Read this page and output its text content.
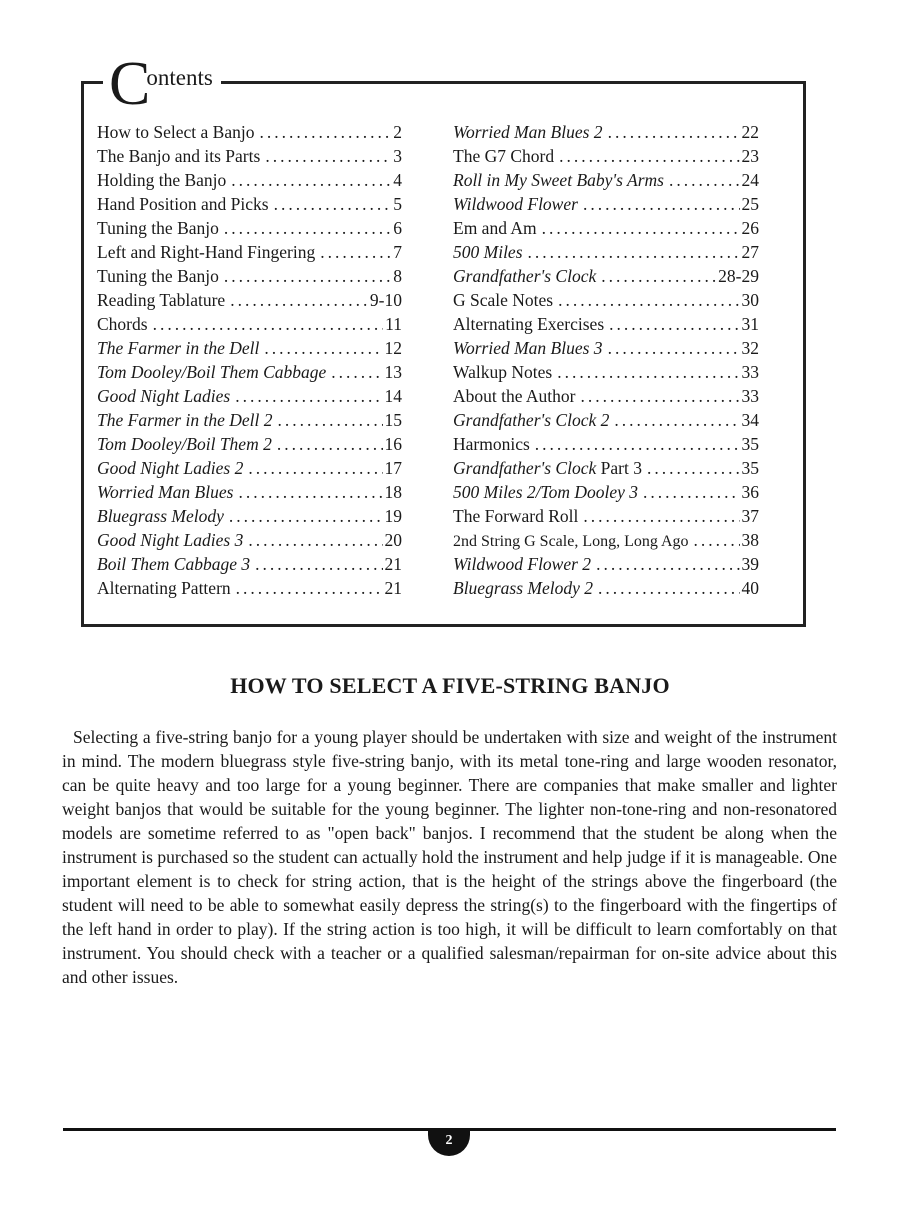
C
ontents
How to Select a Banjo .....	2
The Banjo and its Parts .....	3
Holding the Banjo .....	4
Hand Position and Picks .....	5
Tuning the Banjo .....	6
Left and Right-Hand Fingering .....	7
Tuning the Banjo .....	8
Reading Tablature .....	9-10
Chords .....	11
The Farmer in the Dell .....	12
Tom Dooley/Boil Them Cabbage .....	13
Good Night Ladies .....	14
The Farmer in the Dell 2 .....	15
Tom Dooley/Boil Them 2 .....	16
Good Night Ladies 2 .....	17
Worried Man Blues .....	18
Bluegrass Melody .....	19
Good Night Ladies 3 .....	20
Boil Them Cabbage 3 .....	21
Alternating Pattern .....	21
Worried Man Blues 2 .....	22
The G7 Chord .....	23
Roll in My Sweet Baby's Arms .....	24
Wildwood Flower .....	25
Em and Am .....	26
500 Miles .....	27
Grandfather's Clock .....	28-29
G Scale Notes .....	30
Alternating Exercises .....	31
Worried Man Blues 3 .....	32
Walkup Notes .....	33
About the Author .....	33
Grandfather's Clock 2 .....	34
Harmonics .....	35
Grandfather's Clock Part 3 .....	35
500 Miles 2/Tom Dooley 3 .....	36
The Forward Roll .....	37
2nd String G Scale, Long, Long Ago .....	38
Wildwood Flower 2 .....	39
Bluegrass Melody 2 .....	40
HOW TO SELECT A FIVE-STRING BANJO

Selecting a five-string banjo for a young player should be undertaken with size and weight of the instrument in mind. The modern bluegrass style five-string banjo, with its metal tone-ring and large wooden resonator, can be quite heavy and too large for a young beginner. There are companies that make smaller and lighter weight banjos that would be suitable for the young beginner. The lighter non-tone-ring and non-resonatored models are sometime referred to as "open back" banjos. I recommend that the student be along when the instrument is purchased so the student can actually hold the instrument and help judge if it is manageable. One important element is to check for string action, that is the height of the strings above the fingerboard (the student will need to be able to somewhat easily depress the string(s) to the fingerboard with the fingertips of the left hand in order to play). If the string action is too high, it will be difficult to learn comfortably on that instrument. You should check with a teacher or a qualified salesman/repairman for on-site advice about this and other issues.

2
